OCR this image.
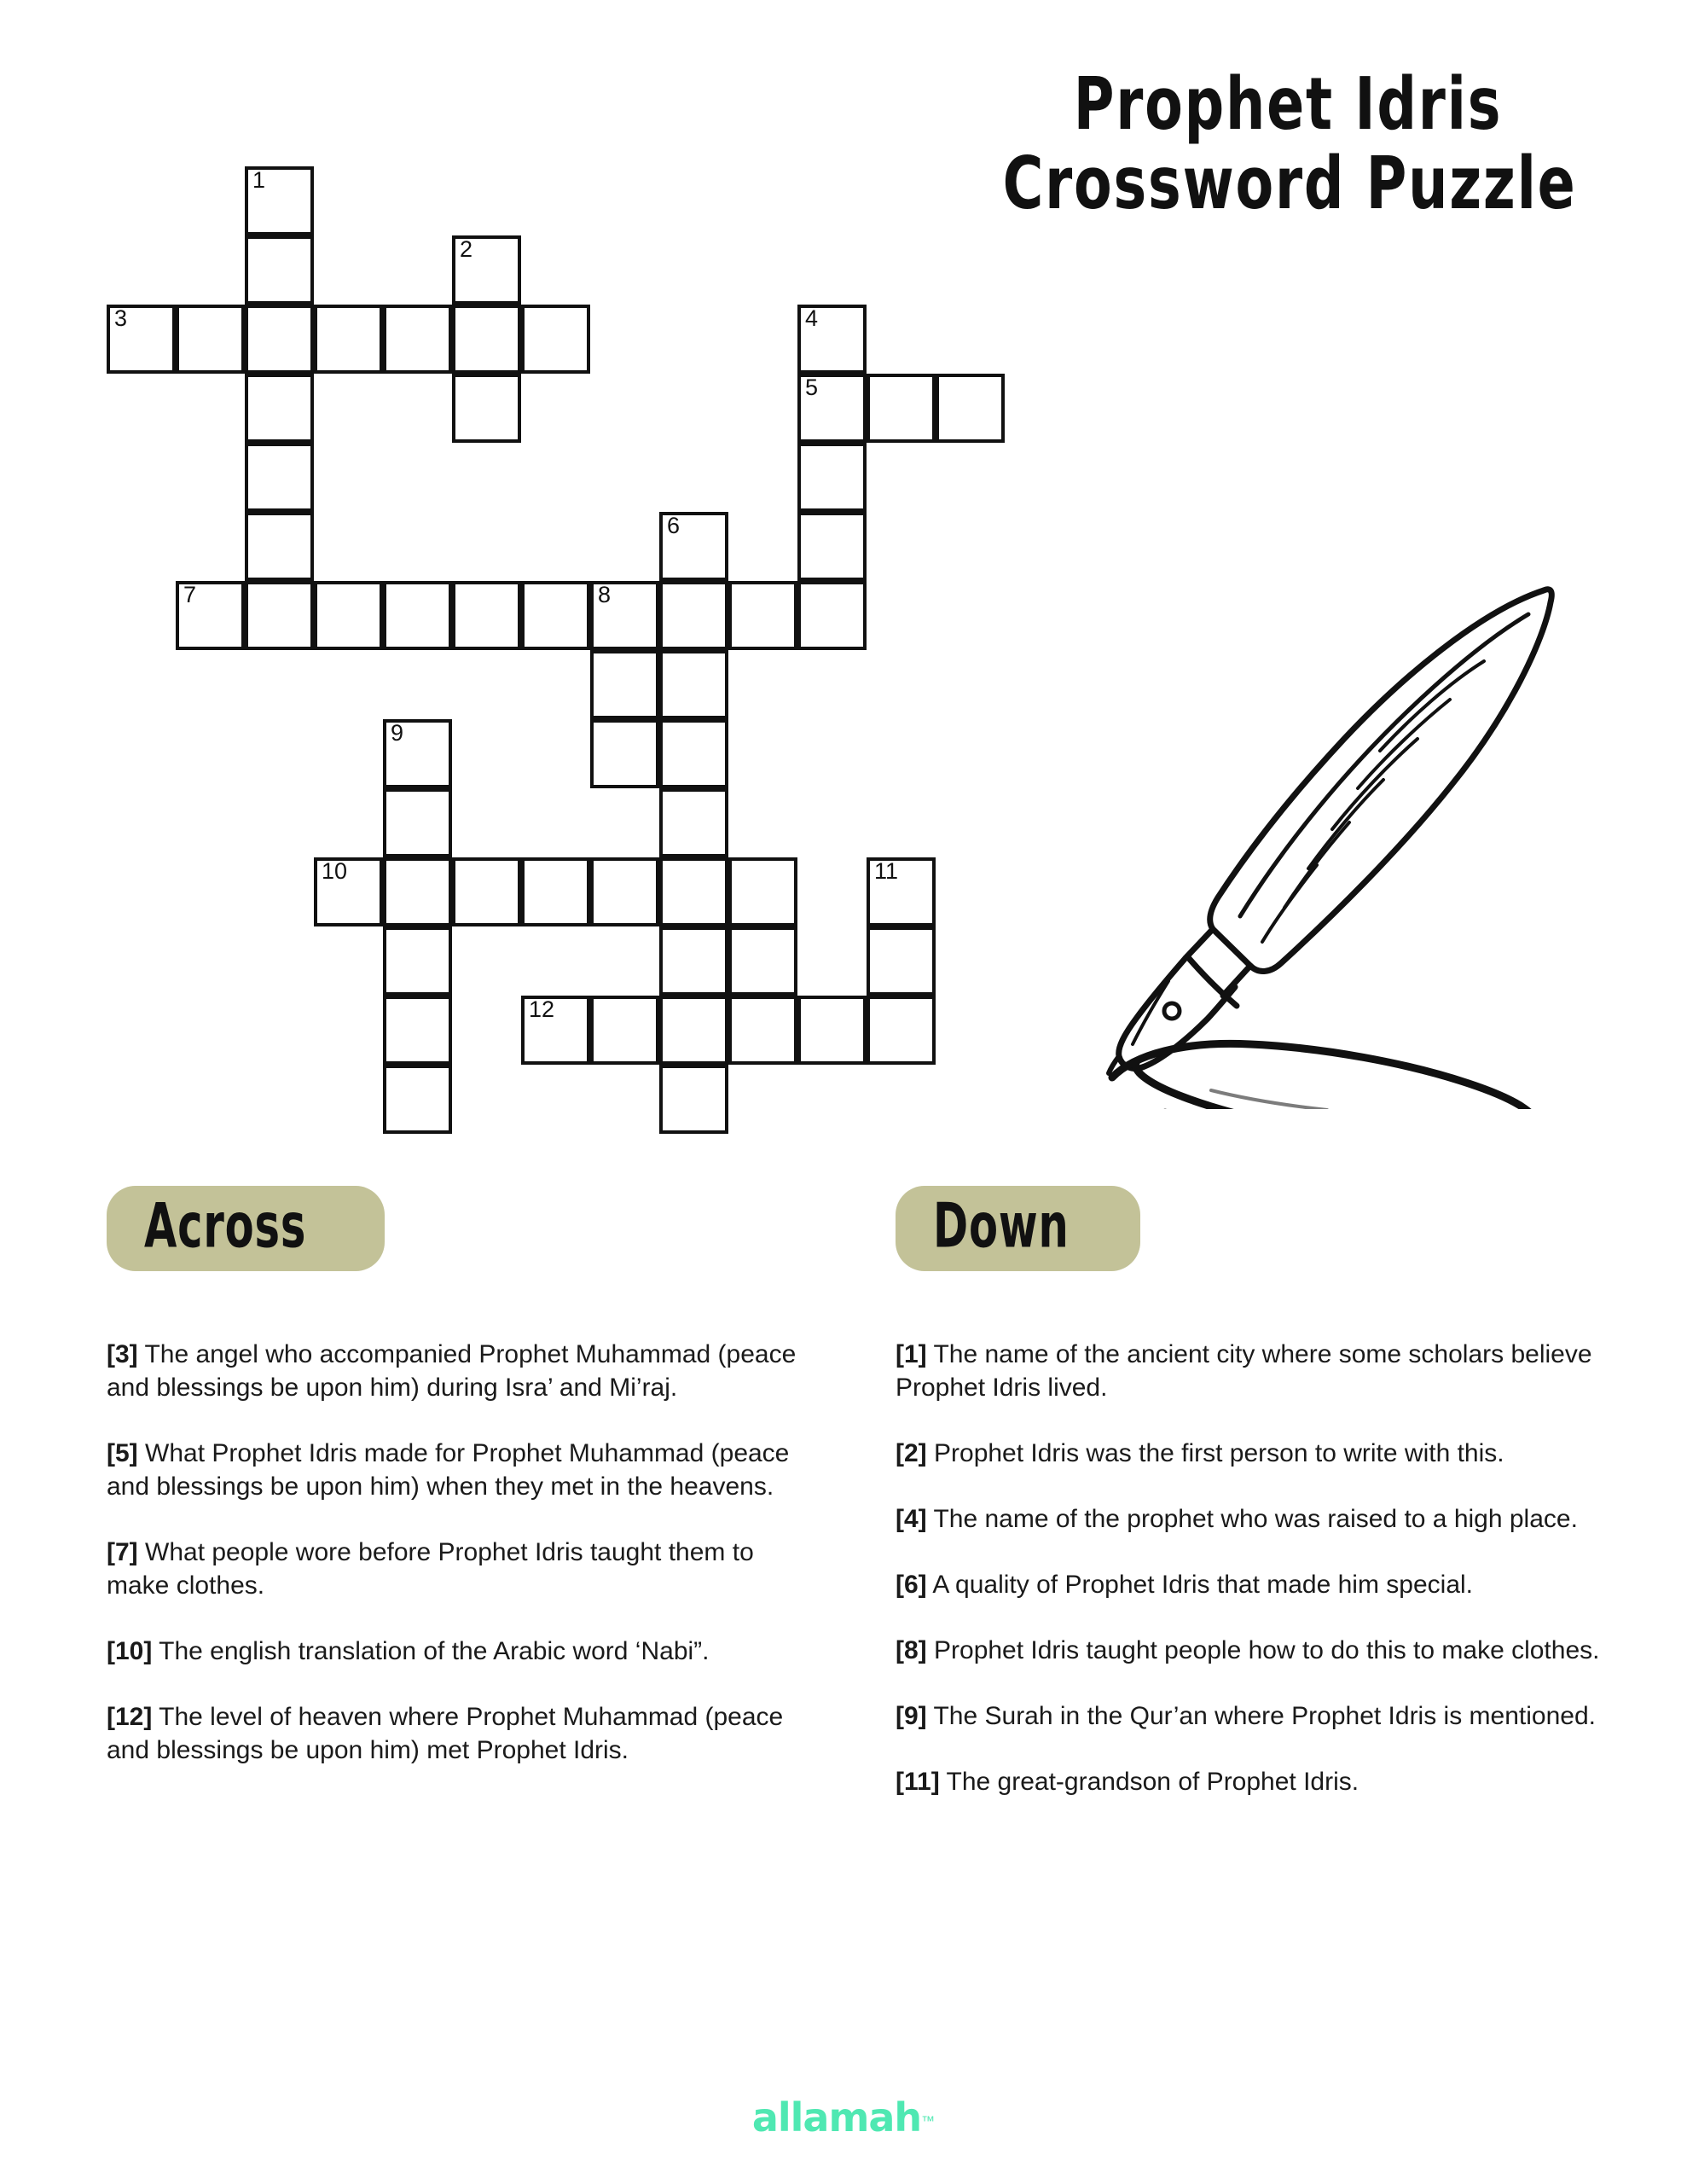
Prophet Idris
Crossword Puzzle
1
2
3	4
5
6
7	8
9
10	11
12
Across

[3] The angel who accompanied Prophet Muhammad (peace and blessings be upon him) during Isra’ and Mi’raj.

[5] What Prophet Idris made for Prophet Muhammad (peace and blessings be upon him) when they met in the heavens.

[7] What people wore before Prophet Idris taught them to make clothes.

[10] The english translation of the Arabic word ‘Nabi”.

[12] The level of heaven where Prophet Muhammad (peace and blessings be upon him) met Prophet Idris.

Down

[1] The name of the ancient city where some scholars believe Prophet Idris lived.

[2] Prophet Idris was the first person to write with this.

[4] The name of the prophet who was raised to a high place.

[6] A quality of Prophet Idris that made him special.

[8] Prophet Idris taught people how to do this to make clothes.

[9] The Surah in the Qur’an where Prophet Idris is mentioned.

[11] The great-grandson of Prophet Idris.

allamah™
